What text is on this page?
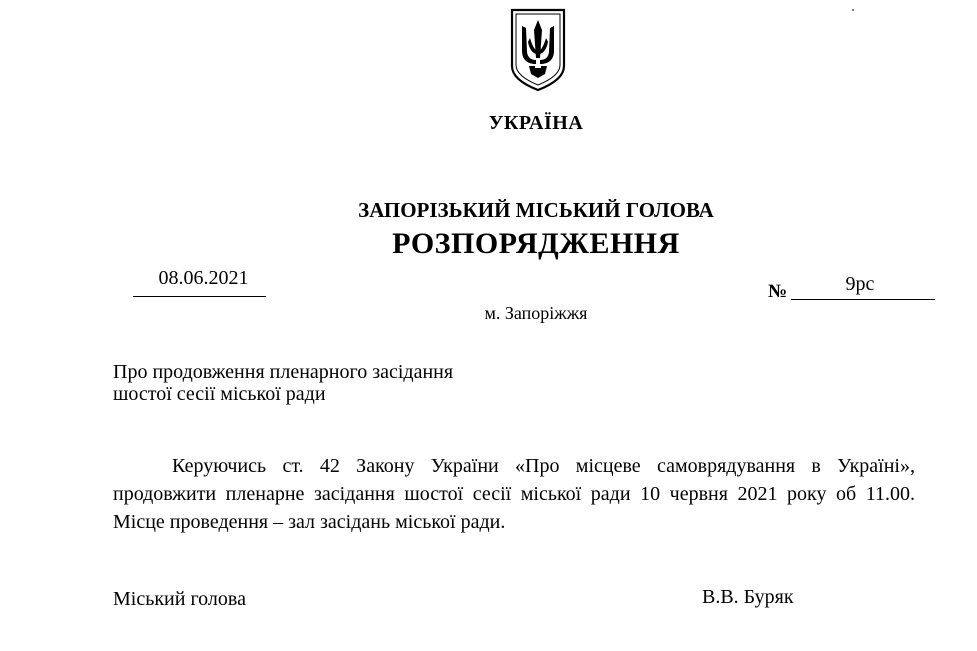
УКРАЇНА
ЗАПОРІЗЬКИЙ МІСЬКИЙ ГОЛОВА
РОЗПОРЯДЖЕННЯ
08.06.2021
№	9рс
м. Запоріжжя
Про продовження пленарного засідання
шостої сесії міської ради

Керуючись ст. 42 Закону України «Про місцеве самоврядування в Україні», продовжити пленарне засідання шостої сесії міської ради 10 червня 2021 року об 11.00. Місце проведення – зал засідань міської ради.

Міський голова	В.В. Буряк
